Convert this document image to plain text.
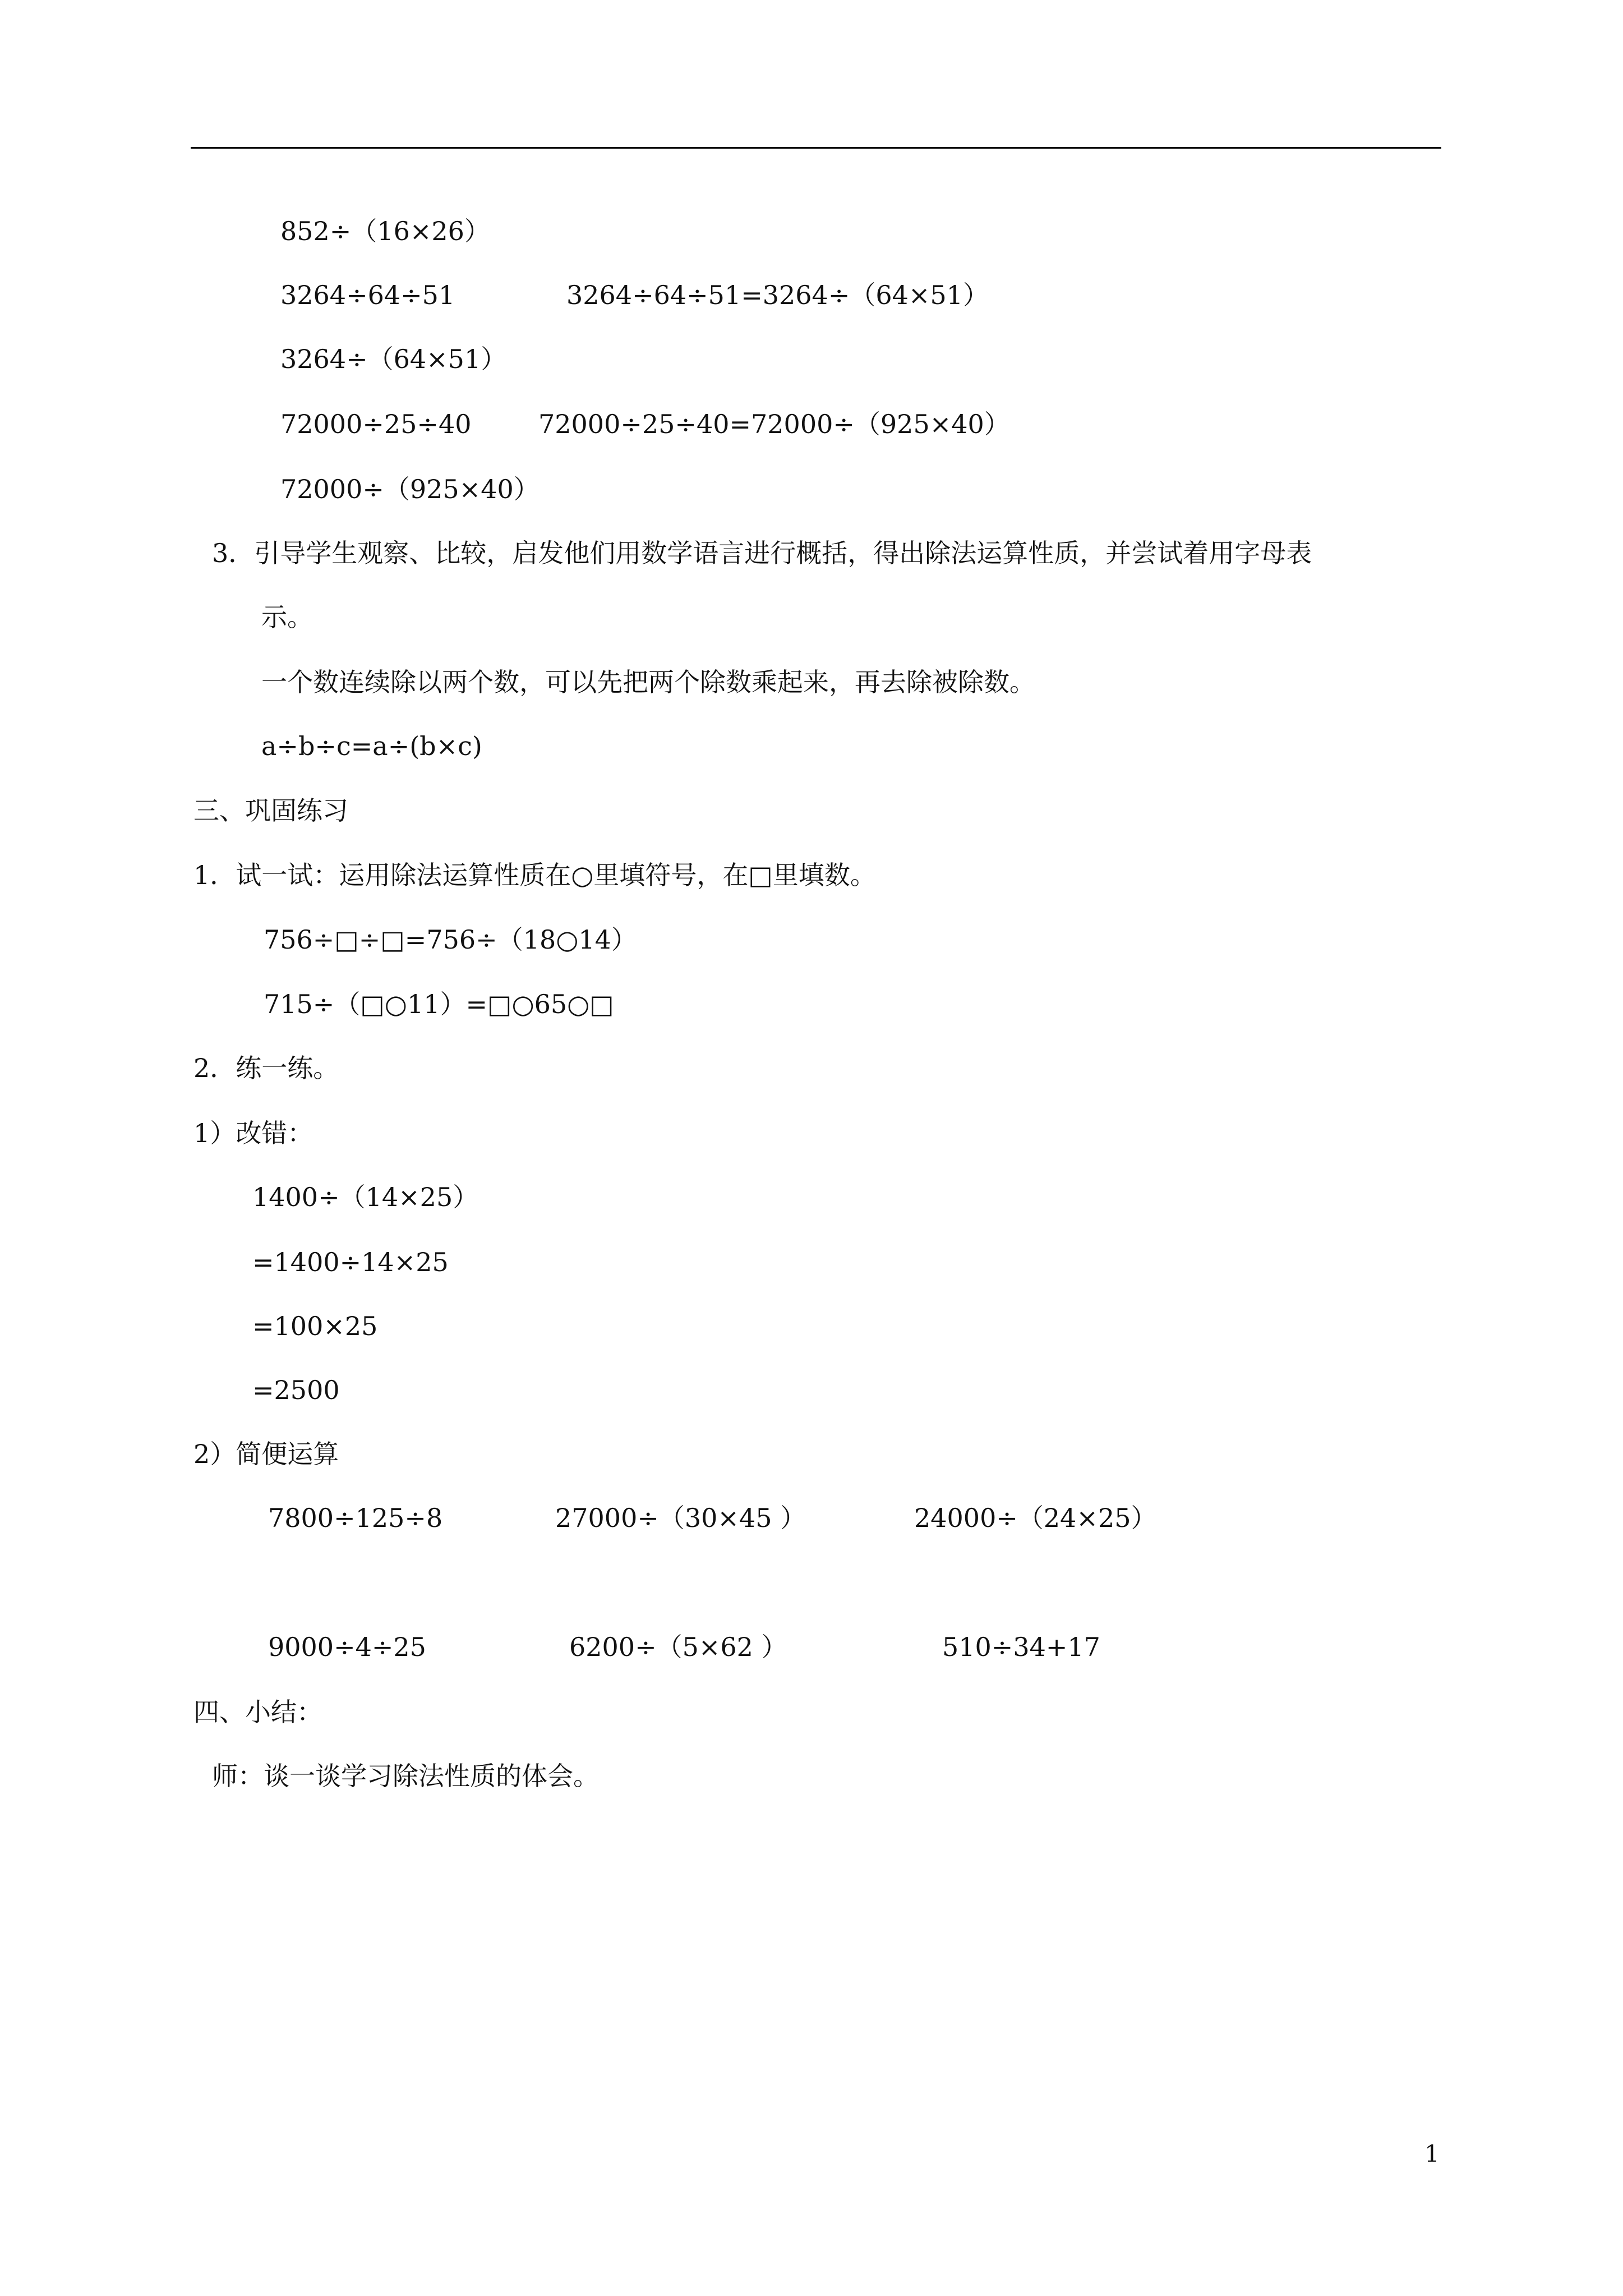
852÷（16×26）
3264÷64÷51	3264÷64÷51=3264÷（64×51）
3264÷（64×51）
72000÷25÷40	72000÷25÷40=72000÷（925×40）
72000÷（925×40）
3．引导学生观察、比较，启发他们用数学语言进行概括，得出除法运算性质，并尝试着用字母表
示。
一个数连续除以两个数，可以先把两个除数乘起来，再去除被除数。
a÷b÷c=a÷(b×c)
三、巩固练习
1．试一试：运用除法运算性质在○里填符号，在□里填数。
756÷□÷□=756÷（18○14）
715÷（□○11）=□○65○□
2．练一练。
1）改错：
1400÷（14×25）
=1400÷14×25
=100×25
=2500
2）简便运算
7800÷125÷8	27000÷（30×45 ）	24000÷（24×25）
9000÷4÷25	6200÷（5×62 ）	510÷34+17
四、小结：
师：谈一谈学习除法性质的体会。
1
